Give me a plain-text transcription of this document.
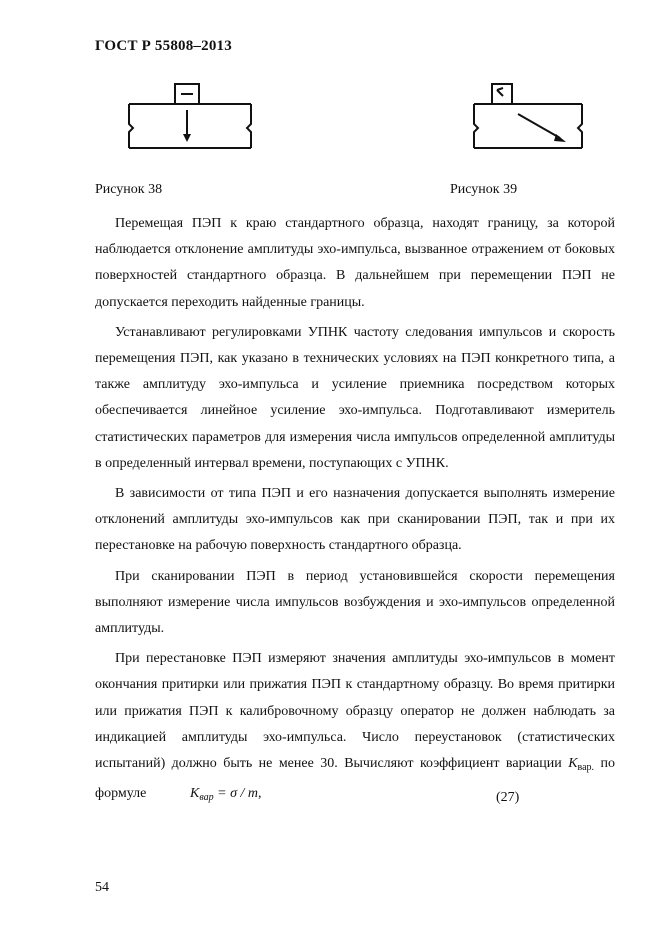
ГОСТ Р 55808–2013
Рисунок 38	Рисунок 39

Перемещая ПЭП к краю стандартного образца, находят границу, за которой наблюдается отклонение амплитуды эхо-импульса, вызванное отражением от боковых поверхностей стандартного образца. В дальнейшем при перемещении ПЭП не допускается переходить найденные границы.

Устанавливают регулировками УПНК частоту следования импульсов и скорость перемещения ПЭП, как указано в технических условиях на ПЭП конкретного типа, а также амплитуду эхо-импульса и усиление приемника посредством которых обеспечивается линейное усиление эхо-импульса. Подготавливают измеритель статистических параметров для измерения числа импульсов определенной амплитуды в определенный интервал времени, поступающих с УПНК.

В зависимости от типа ПЭП и его назначения допускается выполнять измерение отклонений амплитуды эхо-импульсов как при сканировании ПЭП, так и при их перестановке на рабочую поверхность стандартного образца.

При сканировании ПЭП в период установившейся скорости перемещения выполняют измерение числа импульсов возбуждения и эхо-импульсов определенной амплитуды.

При перестановке ПЭП измеряют значения амплитуды эхо-импульсов в момент окончания притирки или прижатия ПЭП к стандартному образцу. Во время притирки или прижатия ПЭП к калибровочному образцу оператор не должен наблюдать за индикацией амплитуды эхо-импульса. Число переустановок (статистических испытаний) должно быть не менее 30. Вычисляют коэффициент вариации $K_{вар.}$ по формуле	$K_{вар} = \sigma / m$,	(27)
54
